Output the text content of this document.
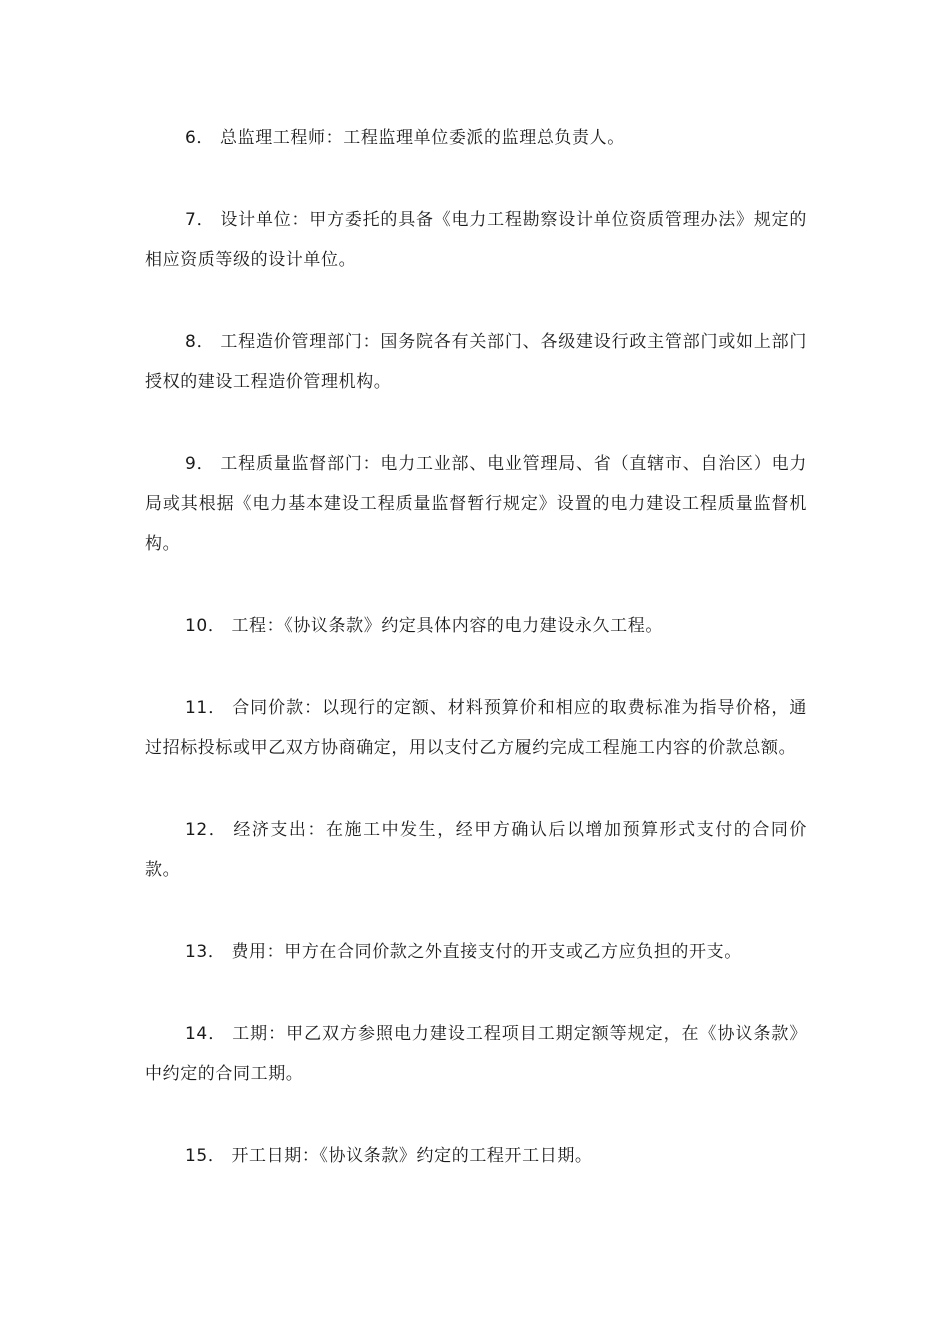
6． 总监理工程师：工程监理单位委派的监理总负责人。

7． 设计单位：甲方委托的具备《电力工程勘察设计单位资质管理办法》规定的相应资质等级的设计单位。

8． 工程造价管理部门：国务院各有关部门、各级建设行政主管部门或如上部门授权的建设工程造价管理机构。

9． 工程质量监督部门：电力工业部、电业管理局、省（直辖市、自治区）电力局或其根据《电力基本建设工程质量监督暂行规定》设置的电力建设工程质量监督机构。

10． 工程：《协议条款》约定具体内容的电力建设永久工程。

11． 合同价款：以现行的定额、材料预算价和相应的取费标准为指导价格，通过招标投标或甲乙双方协商确定，用以支付乙方履约完成工程施工内容的价款总额。

12． 经济支出：在施工中发生，经甲方确认后以增加预算形式支付的合同价款。

13． 费用：甲方在合同价款之外直接支付的开支或乙方应负担的开支。

14． 工期：甲乙双方参照电力建设工程项目工期定额等规定，在《协议条款》中约定的合同工期。

15． 开工日期：《协议条款》约定的工程开工日期。
